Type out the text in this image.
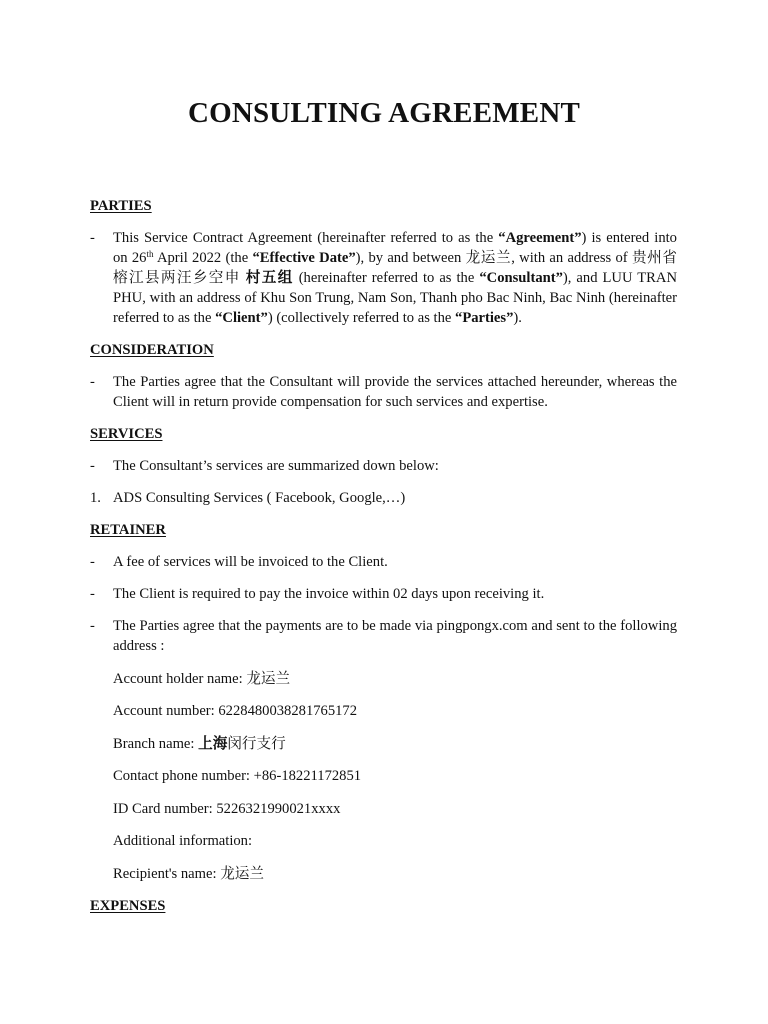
CONSULTING AGREEMENT
PARTIES
- This Service Contract Agreement (hereinafter referred to as the “Agreement”) is entered into on 26th April 2022 (the “Effective Date”), by and between 龙运兰, with an address of 贵州省榕江县两汪乡空申 村五组 (hereinafter referred to as the “Consultant”), and LUU TRAN PHU, with an address of Khu Son Trung, Nam Son, Thanh pho Bac Ninh, Bac Ninh (hereinafter referred to as the “Client”) (collectively referred to as the “Parties”).
CONSIDERATION
- The Parties agree that the Consultant will provide the services attached hereunder, whereas the Client will in return provide compensation for such services and expertise.
SERVICES
- The Consultant’s services are summarized down below:
1. ADS Consulting Services ( Facebook, Google,…)
RETAINER
- A fee of services will be invoiced to the Client.
- The Client is required to pay the invoice within 02 days upon receiving it.
- The Parties agree that the payments are to be made via pingpongx.com and sent to the following address :
Account holder name: 龙运兰
Account number: 6228480038281765172
Branch name: 上海闵行支行
Contact phone number: +86-18221172851
ID Card number: 5226321990021xxxx
Additional information:
Recipient's name: 龙运兰
EXPENSES
